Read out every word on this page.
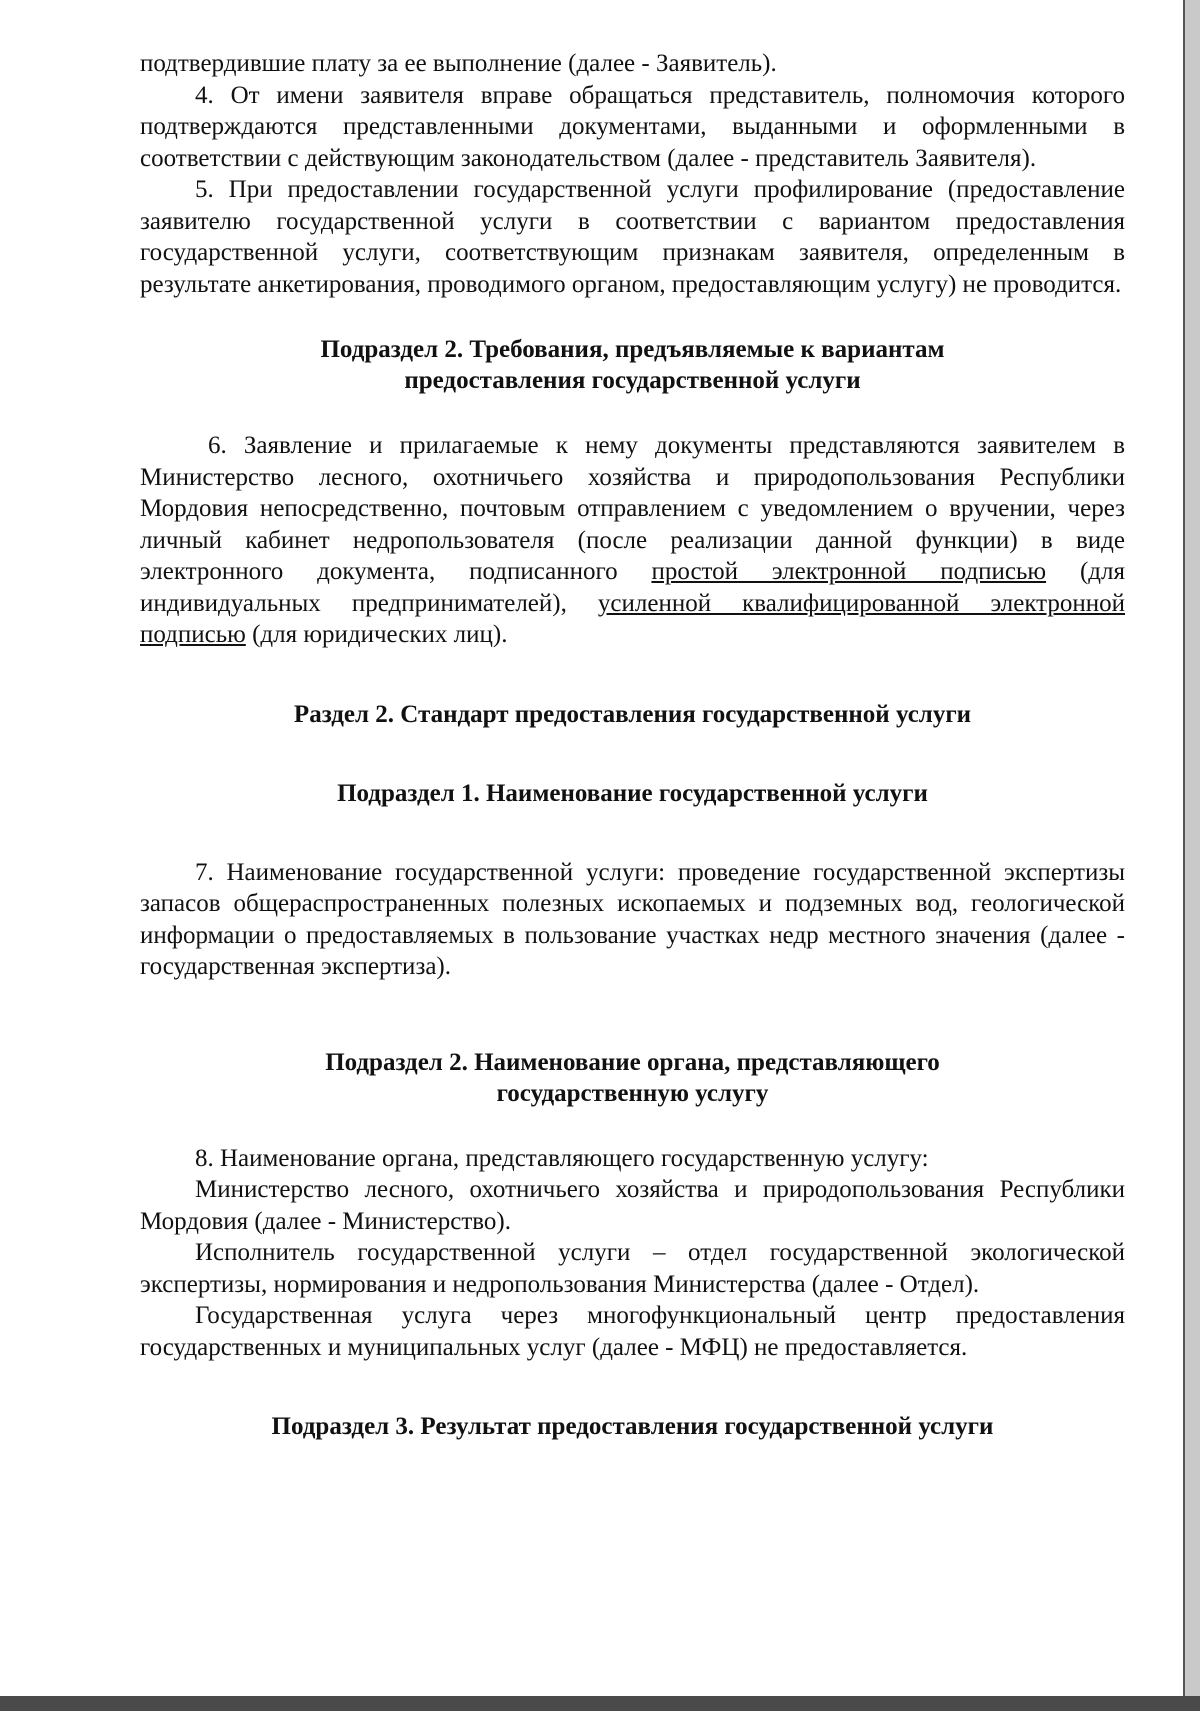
подтвердившие плату за ее выполнение (далее - Заявитель).

4. От имени заявителя вправе обращаться представитель, полномочия которого подтверждаются представленными документами, выданными и оформленными в соответствии с действующим законодательством (далее - представитель Заявителя).

5. При предоставлении государственной услуги профилирование (предоставление заявителю государственной услуги в соответствии с вариантом предоставления государственной услуги, соответствующим признакам заявителя, определенным в результате анкетирования, проводимого органом, предоставляющим услугу) не проводится.

Подраздел 2. Требования, предъявляемые к вариантам

предоставления государственной услуги

6. Заявление и прилагаемые к нему документы представляются заявителем в Министерство лесного, охотничьего хозяйства и природопользования Республики Мордовия непосредственно, почтовым отправлением с уведомлением о вручении, через личный кабинет недропользователя (после реализации данной функции) в виде электронного документа, подписанного простой электронной подписью (для индивидуальных предпринимателей), усиленной квалифицированной электронной подписью (для юридических лиц).

Раздел 2. Стандарт предоставления государственной услуги

Подраздел 1. Наименование государственной услуги

7. Наименование государственной услуги: проведение государственной экспертизы запасов общераспространенных полезных ископаемых и подземных вод, геологической информации о предоставляемых в пользование участках недр местного значения (далее - государственная экспертиза).

Подраздел 2. Наименование органа, представляющего

государственную услугу

8. Наименование органа, представляющего государственную услугу:

Министерство лесного, охотничьего хозяйства и природопользования Республики Мордовия (далее - Министерство).

Исполнитель государственной услуги – отдел государственной экологической экспертизы, нормирования и недропользования Министерства (далее - Отдел).

Государственная услуга через многофункциональный центр предоставления государственных и муниципальных услуг (далее - МФЦ) не предоставляется.

Подраздел 3. Результат предоставления государственной услуги
